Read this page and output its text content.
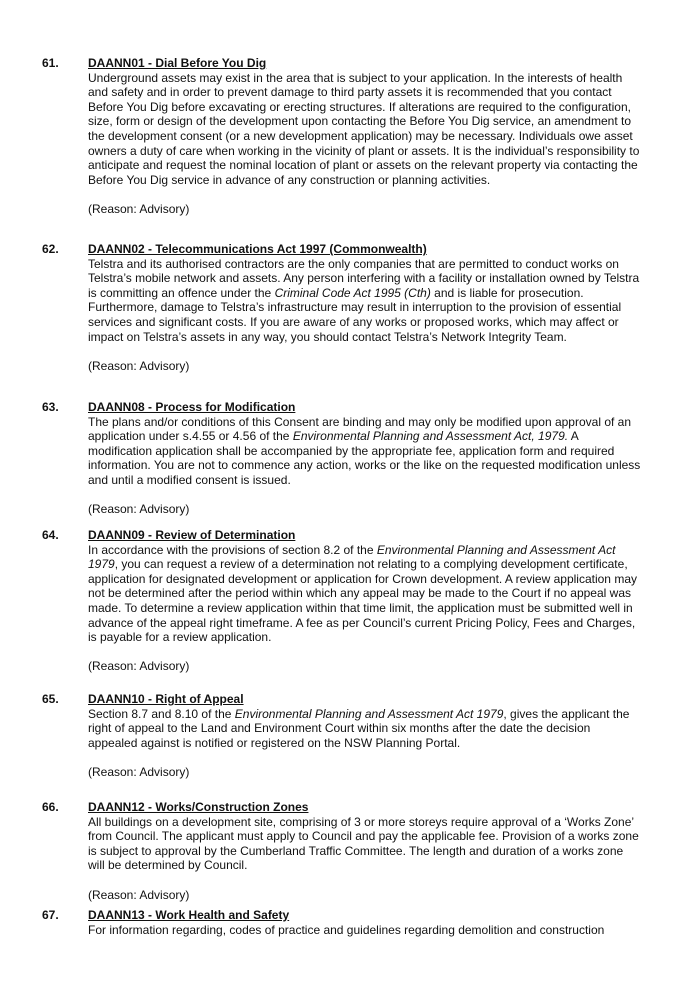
61. DAANN01 - Dial Before You Dig

Underground assets may exist in the area that is subject to your application. In the interests of health and safety and in order to prevent damage to third party assets it is recommended that you contact Before You Dig before excavating or erecting structures. If alterations are required to the configuration, size, form or design of the development upon contacting the Before You Dig service, an amendment to the development consent (or a new development application) may be necessary. Individuals owe asset owners a duty of care when working in the vicinity of plant or assets. It is the individual’s responsibility to anticipate and request the nominal location of plant or assets on the relevant property via contacting the Before You Dig service in advance of any construction or planning activities.

(Reason: Advisory)
62. DAANN02 - Telecommunications Act 1997 (Commonwealth)

Telstra and its authorised contractors are the only companies that are permitted to conduct works on Telstra’s mobile network and assets. Any person interfering with a facility or installation owned by Telstra is committing an offence under the Criminal Code Act 1995 (Cth) and is liable for prosecution. Furthermore, damage to Telstra’s infrastructure may result in interruption to the provision of essential services and significant costs. If you are aware of any works or proposed works, which may affect or impact on Telstra’s assets in any way, you should contact Telstra’s Network Integrity Team.

(Reason: Advisory)
63. DAANN08 - Process for Modification

The plans and/or conditions of this Consent are binding and may only be modified upon approval of an application under s.4.55 or 4.56 of the Environmental Planning and Assessment Act, 1979. A modification application shall be accompanied by the appropriate fee, application form and required information. You are not to commence any action, works or the like on the requested modification unless and until a modified consent is issued.

(Reason: Advisory)
64. DAANN09 - Review of Determination

In accordance with the provisions of section 8.2 of the Environmental Planning and Assessment Act 1979, you can request a review of a determination not relating to a complying development certificate, application for designated development or application for Crown development. A review application may not be determined after the period within which any appeal may be made to the Court if no appeal was made. To determine a review application within that time limit, the application must be submitted well in advance of the appeal right timeframe. A fee as per Council’s current Pricing Policy, Fees and Charges, is payable for a review application.

(Reason: Advisory)
65. DAANN10 - Right of Appeal

Section 8.7 and 8.10 of the Environmental Planning and Assessment Act 1979, gives the applicant the right of appeal to the Land and Environment Court within six months after the date the decision appealed against is notified or registered on the NSW Planning Portal.

(Reason: Advisory)
66. DAANN12 - Works/Construction Zones

All buildings on a development site, comprising of 3 or more storeys require approval of a ‘Works Zone’ from Council. The applicant must apply to Council and pay the applicable fee. Provision of a works zone is subject to approval by the Cumberland Traffic Committee. The length and duration of a works zone will be determined by Council.

(Reason: Advisory)
67. DAANN13 - Work Health and Safety

For information regarding, codes of practice and guidelines regarding demolition and construction
